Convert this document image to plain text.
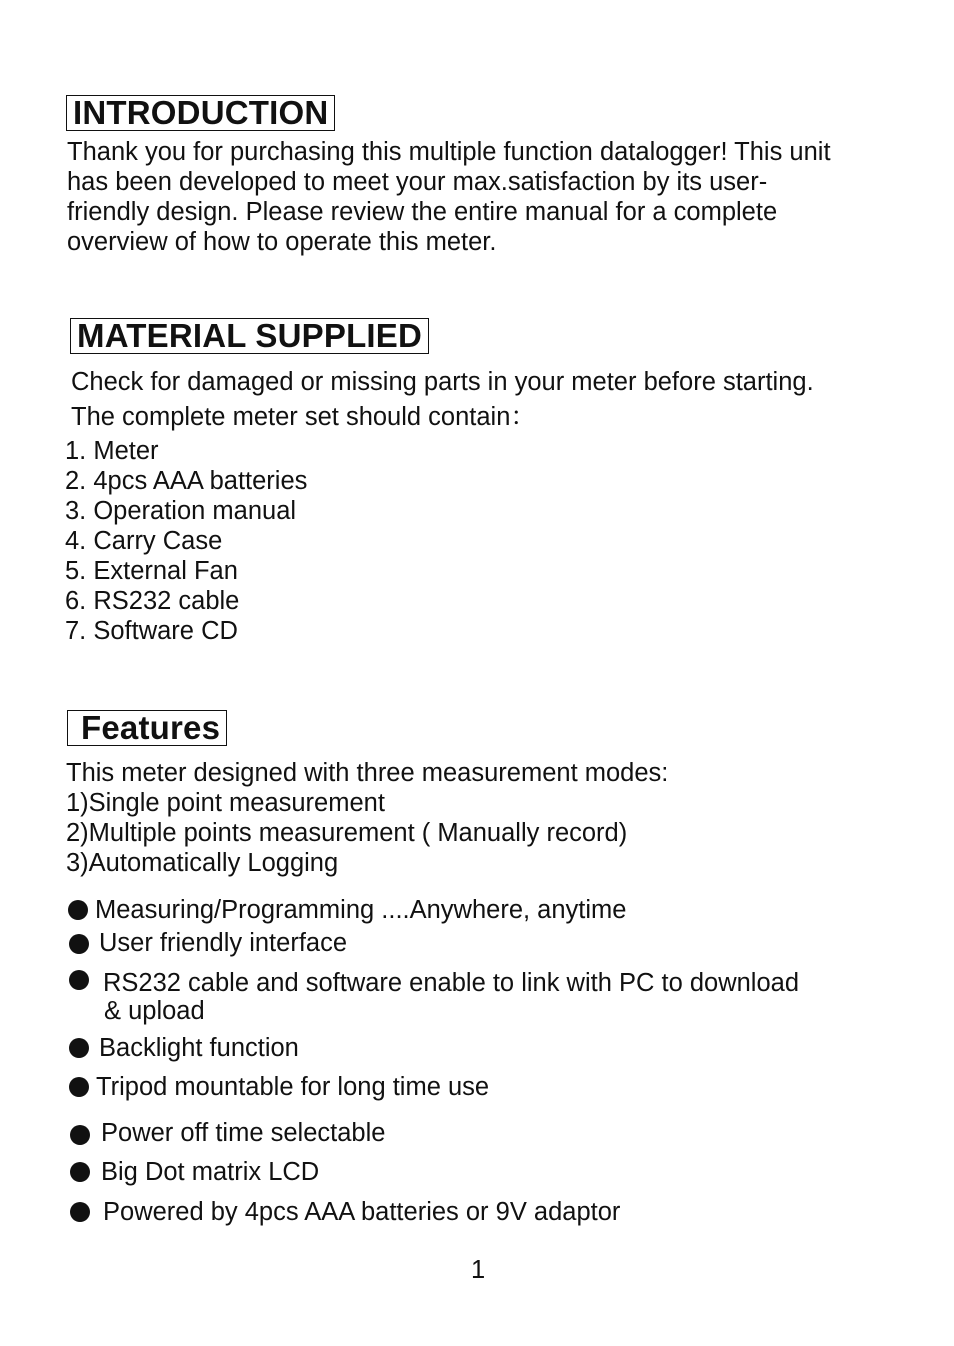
INTRODUCTION
Thank you for purchasing this multiple function datalogger! This unit
has been developed to meet your max.satisfaction by its user-
friendly design. Please review the entire manual for a complete
overview of how to operate this meter.
MATERIAL SUPPLIED
Check for damaged or missing parts in your meter before starting.
The complete meter set should contain：
1. Meter
2. 4pcs AAA batteries
3. Operation manual
4. Carry Case
5. External Fan
6. RS232 cable
7. Software CD
Features
This meter designed with three measurement modes:
1)Single point measurement
2)Multiple points measurement ( Manually record)
3)Automatically Logging
Measuring/Programming ....Anywhere, anytime
User friendly interface
RS232 cable and software enable to link with PC to download
& upload
Backlight function
Tripod mountable for long time use
Power off time selectable
Big Dot matrix LCD
Powered by 4pcs AAA batteries or 9V adaptor
1
